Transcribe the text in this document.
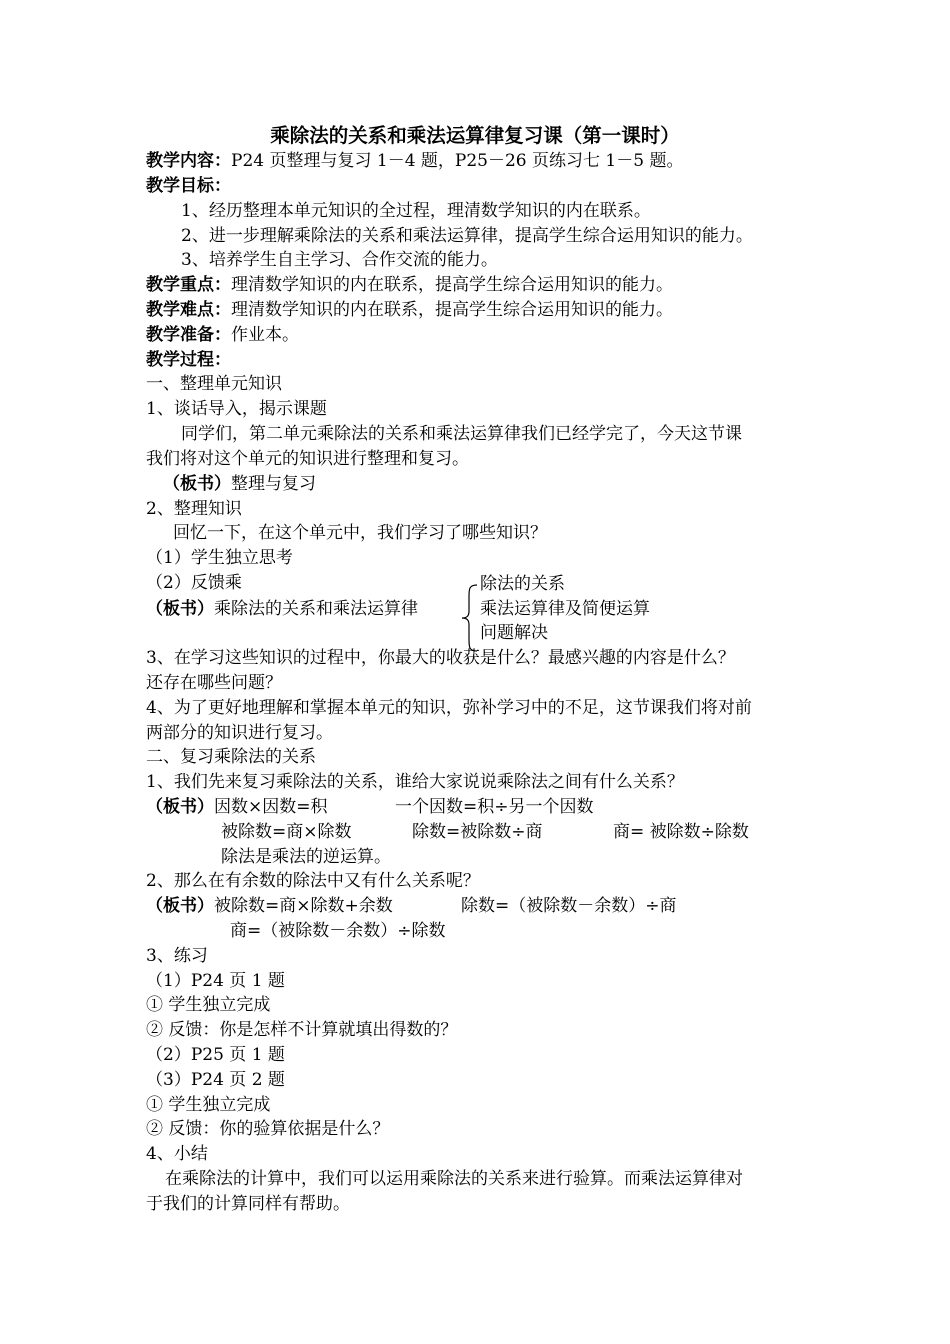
乘除法的关系和乘法运算律复习课（第一课时）
教学内容：P24 页整理与复习 1－4 题，P25－26 页练习七 1－5 题。
教学目标：
1、经历整理本单元知识的全过程，理清数学知识的内在联系。
2、进一步理解乘除法的关系和乘法运算律，提高学生综合运用知识的能力。
3、培养学生自主学习、合作交流的能力。
教学重点：理清数学知识的内在联系，提高学生综合运用知识的能力。
教学难点：理清数学知识的内在联系，提高学生综合运用知识的能力。
教学准备：作业本。
教学过程：
一、整理单元知识
1、谈话导入，揭示课题
同学们，第二单元乘除法的关系和乘法运算律我们已经学完了，今天这节课
我们将对这个单元的知识进行整理和复习。
（板书）整理与复习
2、整理知识
回忆一下，在这个单元中，我们学习了哪些知识？
（1）学生独立思考
（2）反馈乘	除法的关系
乘法运算律及简便运算
问题解决
（板书）乘除法的关系和乘法运算律
3、在学习这些知识的过程中，你最大的收获是什么？最感兴趣的内容是什么？
还存在哪些问题？
4、为了更好地理解和掌握本单元的知识，弥补学习中的不足，这节课我们将对前
两部分的知识进行复习。
二、复习乘除法的关系
1、我们先来复习乘除法的关系，谁给大家说说乘除法之间有什么关系？
（板书）因数×因数=积	一个因数=积÷另一个因数
被除数=商×除数	除数=被除数÷商	商= 被除数÷除数
除法是乘法的逆运算。
2、那么在有余数的除法中又有什么关系呢？
（板书）被除数=商×除数+余数	除数=（被除数－余数）÷商
商=（被除数－余数）÷除数
3、练习
（1）P24 页 1 题
① 学生独立完成
② 反馈：你是怎样不计算就填出得数的？
（2）P25 页 1 题
（3）P24 页 2 题
① 学生独立完成
② 反馈：你的验算依据是什么？
4、小结
在乘除法的计算中，我们可以运用乘除法的关系来进行验算。而乘法运算律对
于我们的计算同样有帮助。
